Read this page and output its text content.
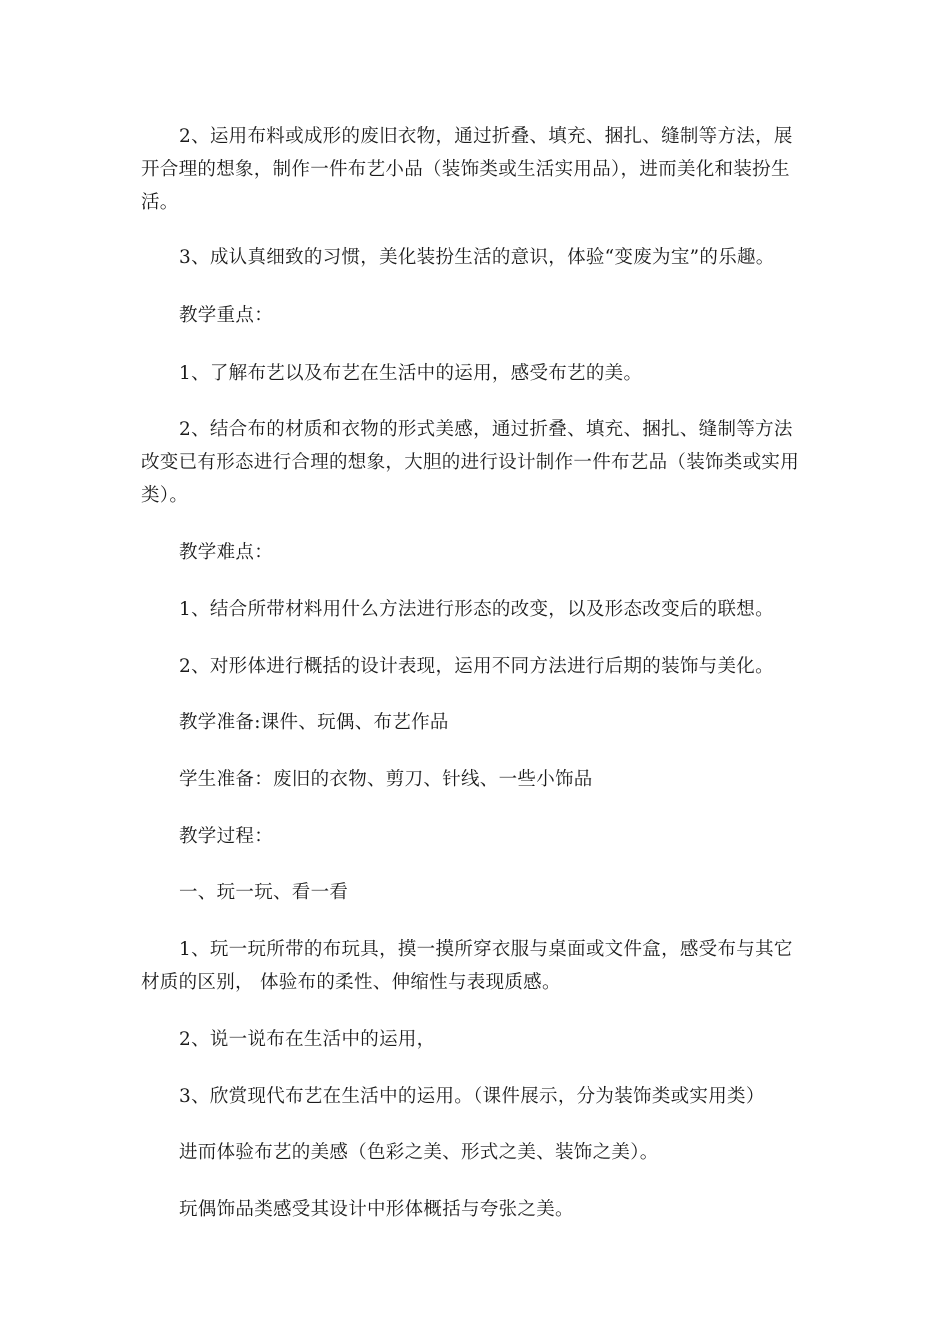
2、运用布料或成形的废旧衣物，通过折叠、填充、捆扎、缝制等方法，展
开合理的想象，制作一件布艺小品（装饰类或生活实用品），进而美化和装扮生
活。
3、成认真细致的习惯，美化装扮生活的意识，体验“变废为宝”的乐趣。
教学重点：
1、了解布艺以及布艺在生活中的运用，感受布艺的美。
2、结合布的材质和衣物的形式美感，通过折叠、填充、捆扎、缝制等方法
改变已有形态进行合理的想象，大胆的进行设计制作一件布艺品（装饰类或实用
类）。
教学难点：
1、结合所带材料用什么方法进行形态的改变，以及形态改变后的联想。
2、对形体进行概括的设计表现，运用不同方法进行后期的装饰与美化。
教学准备:课件、玩偶、布艺作品
学生准备：废旧的衣物、剪刀、针线、一些小饰品
教学过程：
一、玩一玩、看一看
1、玩一玩所带的布玩具，摸一摸所穿衣服与桌面或文件盒，感受布与其它
材质的区别， 体验布的柔性、伸缩性与表现质感。
2、说一说布在生活中的运用，
3、欣赏现代布艺在生活中的运用。（课件展示，分为装饰类或实用类）
进而体验布艺的美感（色彩之美、形式之美、装饰之美）。
玩偶饰品类感受其设计中形体概括与夸张之美。
